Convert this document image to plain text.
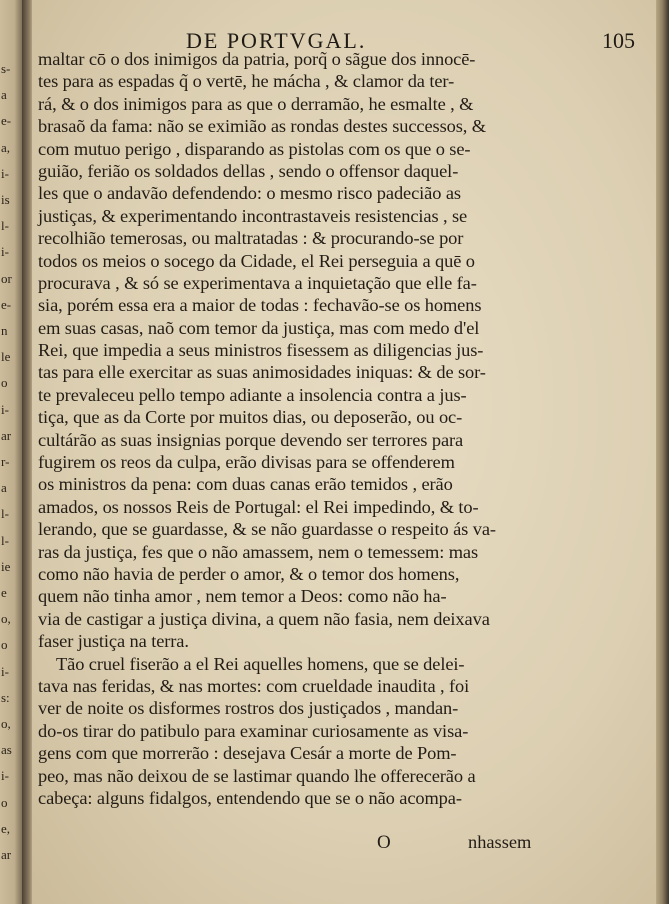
s-
a
e-
a,
i-
is
l-
i-
or
e-
n
le
o
i-
ar
r-
a
l-
l-
ie
e
o,
o
i-
s:
o,
as
i-
o
e,
ar
DE PORTVGAL.	105
maltar cō o dos inimigos da patria, porq̃ o sãgue dos innocē-
tes para as espadas q̃ o vertē, he mácha , & clamor da ter-
rá, & o dos inimigos para as que o derramão, he esmalte , &
brasaõ da fama: não se eximião as rondas destes successos, &
com mutuo perigo , disparando as pistolas com os que o se-
guião, ferião os soldados dellas , sendo o offensor daquel-
les que o andavão defendendo: o mesmo risco padecião as
justiças, & experimentando incontrastaveis resistencias , se
recolhião temerosas, ou maltratadas : & procurando-se por
todos os meios o socego da Cidade, el Rei perseguia a quē o
procurava , & só se experimentava a inquietação que elle fa-
sia, porém essa era a maior de todas : fechavão-se os homens
em suas casas, naõ com temor da justiça, mas com medo d'el
Rei, que impedia a seus ministros fisessem as diligencias jus-
tas para elle exercitar as suas animosidades iniquas: & de sor-
te prevaleceu pello tempo adiante a insolencia contra a jus-
tiça, que as da Corte por muitos dias, ou deposerão, ou oc-
cultárão as suas insignias porque devendo ser terrores para
fugirem os reos da culpa, erão divisas para se offenderem
os ministros da pena: com duas canas erão temidos , erão
amados, os nossos Reis de Portugal: el Rei impedindo, & to-
lerando, que se guardasse, & se não guardasse o respeito ás va-
ras da justiça, fes que o não amassem, nem o temessem: mas
como não havia de perder o amor, & o temor dos homens,
quem não tinha amor , nem temor a Deos: como não ha-
via de castigar a justiça divina, a quem não fasia, nem deixava
faser justiça na terra.
Tão cruel fiserão a el Rei aquelles homens, que se delei-
tava nas feridas, & nas mortes: com crueldade inaudita , foi
ver de noite os disformes rostros dos justiçados , mandan-
do-os tirar do patibulo para examinar curiosamente as visa-
gens com que morrerão : desejava Cesár a morte de Pom-
peo, mas não deixou de se lastimar quando lhe offerecerão a
cabeça: alguns fidalgos, entendendo que se o não acompa-
O	nhassem
